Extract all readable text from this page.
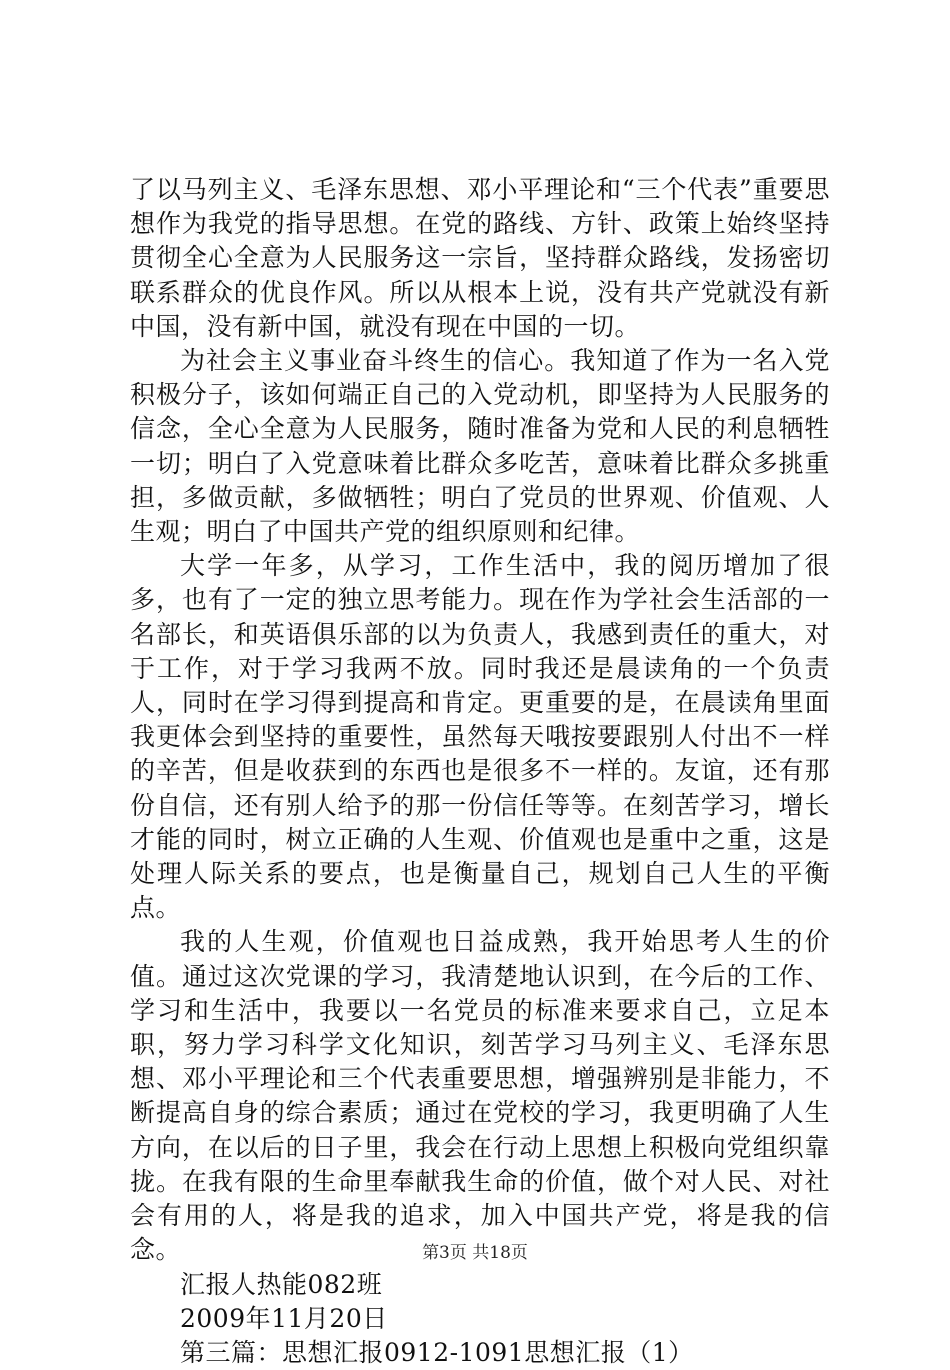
了以马列主义、毛泽东思想、邓小平理论和“三个代表”重要思想作为我党的指导思想。在党的路线、方针、政策上始终坚持贯彻全心全意为人民服务这一宗旨，坚持群众路线，发扬密切联系群众的优良作风。所以从根本上说，没有共产党就没有新中国，没有新中国，就没有现在中国的一切。

为社会主义事业奋斗终生的信心。我知道了作为一名入党积极分子，该如何端正自己的入党动机，即坚持为人民服务的信念，全心全意为人民服务，随时准备为党和人民的利息牺牲一切；明白了入党意味着比群众多吃苦，意味着比群众多挑重担，多做贡献，多做牺牲；明白了党员的世界观、价值观、人生观；明白了中国共产党的组织原则和纪律。

大学一年多，从学习，工作生活中，我的阅历增加了很多，也有了一定的独立思考能力。现在作为学社会生活部的一名部长，和英语俱乐部的以为负责人，我感到责任的重大，对于工作，对于学习我两不放。同时我还是晨读角的一个负责人，同时在学习得到提高和肯定。更重要的是，在晨读角里面我更体会到坚持的重要性，虽然每天哦按要跟别人付出不一样的辛苦，但是收获到的东西也是很多不一样的。友谊，还有那份自信，还有别人给予的那一份信任等等。在刻苦学习，增长才能的同时，树立正确的人生观、价值观也是重中之重，这是处理人际关系的要点，也是衡量自己，规划自己人生的平衡点。

我的人生观，价值观也日益成熟，我开始思考人生的价值。通过这次党课的学习，我清楚地认识到，在今后的工作、学习和生活中，我要以一名党员的标准来要求自己，立足本职，努力学习科学文化知识，刻苦学习马列主义、毛泽东思想、邓小平理论和三个代表重要思想，增强辨别是非能力，不断提高自身的综合素质；通过在党校的学习，我更明确了人生方向，在以后的日子里，我会在行动上思想上积极向党组织靠拢。在我有限的生命里奉献我生命的价值，做个对人民、对社会有用的人，将是我的追求，加入中国共产党，将是我的信念。

汇报人热能082班

2009年11月20日

第三篇：思想汇报0912-1091思想汇报（1）

第3页 共18页
